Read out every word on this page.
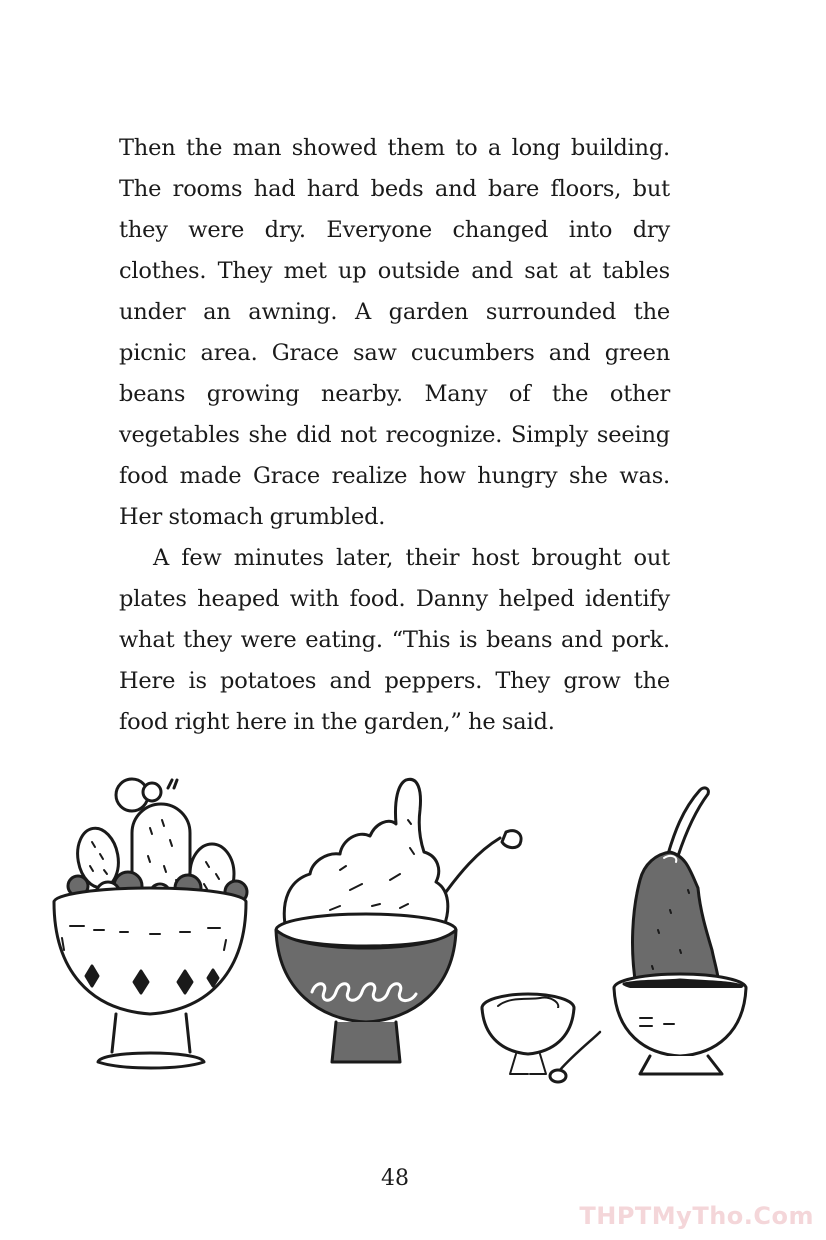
Then the man showed them to a long building. The rooms had hard beds and bare floors, but they were dry. Everyone changed into dry clothes. They met up outside and sat at tables under an awning. A garden surrounded the picnic area. Grace saw cucumbers and green beans growing nearby. Many of the other vegetables she did not recognize. Simply seeing food made Grace realize how hungry she was. Her stomach grumbled.

A few minutes later, their host brought out plates heaped with food. Danny helped identify what they were eating. “This is beans and pork. Here is potatoes and peppers. They grow the food right here in the garden,” he said.

48
THPTMyTho.Com
